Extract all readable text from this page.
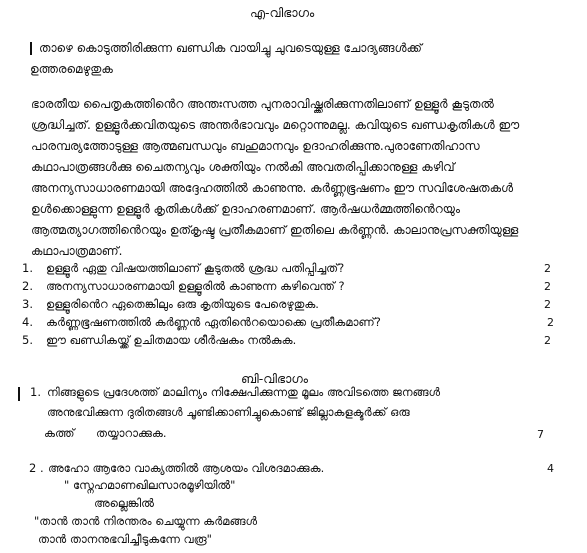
എ-വിഭാഗം
താഴെ കൊടുത്തിരിക്കുന്ന ഖണ്ഡിക വായിച്ചു ചുവടെയുള്ള ചോദ്യങ്ങൾക്ക്
ഉത്തരമെഴുതുക
ഭാരതീയ പൈതൃകത്തിൻെറ അന്തഃസത്ത പുനരാവിഷ്ക്കരിക്കുന്നതിലാണ് ഉള്ളൂർ കൂടുതൽ
ശ്രദ്ധിച്ചത്. ഉള്ളൂർക്കവിതയുടെ അന്തർഭാവവും മറ്റൊന്നുമല്ല. കവിയുടെ ഖണ്ഡകൃതികൾ ഈ
പാരമ്പര്യത്തോടുള്ള ആത്മബന്ധവും ബഹുമാനവും ഉദാഹരിക്കുന്നു.പുരാണേതിഹാസ
കഥാപാത്രങ്ങൾക്കു ചൈതന്യവും ശക്തിയും നൽകി അവതരിപ്പിക്കാനുള്ള കഴിവ്
അനന്യസാധാരണമായി അദ്ദേഹത്തിൽ കാണുന്നു. കർണ്ണഭൂഷണം ഈ സവിശേഷതകൾ
ഉൾക്കൊള്ളുന്ന ഉള്ളൂർ കൃതികൾക്ക് ഉദാഹരണമാണ്. ആർഷധർമ്മത്തിൻെറയും
ആത്മത്യാഗത്തിൻെറയും ഉത്കൃഷ്ട പ്രതീകമാണ് ഇതിലെ കർണ്ണൻ. കാലാനുപ്രസക്തിയുള്ള
കഥാപാത്രമാണ്.
1. ഉള്ളൂർ ഏതു വിഷയത്തിലാണ് കൂടുതൽ ശ്രദ്ധ പതിപ്പിച്ചത്?	2
2. അനന്യസാധാരണമായി ഉള്ളൂരിൽ കാണുന്ന കഴിവെന്ത് ?	2
3. ഉള്ളൂരിൻെറ ഏതെങ്കിലും ഒരു കൃതിയുടെ പേരെഴുതുക.	2
4. കർണ്ണഭൂഷണത്തിൽ കർണ്ണൻ ഏതിൻെറയൊക്കെ പ്രതീകമാണ്?	2
5. ഈ ഖണ്ഡികയ്ക്ക് ഉചിതമായ ശീർഷകം നൽകുക.	2
ബി-വിഭാഗം
1. നിങ്ങളുടെ പ്രദേശത്ത് മാലിന്യം നിക്ഷേപിക്കുന്നതു മൂലം അവിടത്തെ ജനങ്ങൾ
അനുഭവിക്കുന്ന ദുരിതങ്ങൾ ചൂണ്ടിക്കാണിച്ചുകൊണ്ട് ജില്ലാകളക്ടർക്ക് ഒരു
കത്ത് തയ്യാറാക്കുക.	7
2 . അഹോ ആരോ വാക്യത്തിൽ ആശയം വിശദമാക്കുക.	4
" സ്നേഹമാണഖിലസാരമൂഴിയിൽ"
അല്ലെങ്കിൽ
"താൻ താൻ നിരന്തരം ചെയ്യുന്ന കർമങ്ങൾ
താൻ താനനുഭവിച്ചീടുകന്നേ വരൂ"
